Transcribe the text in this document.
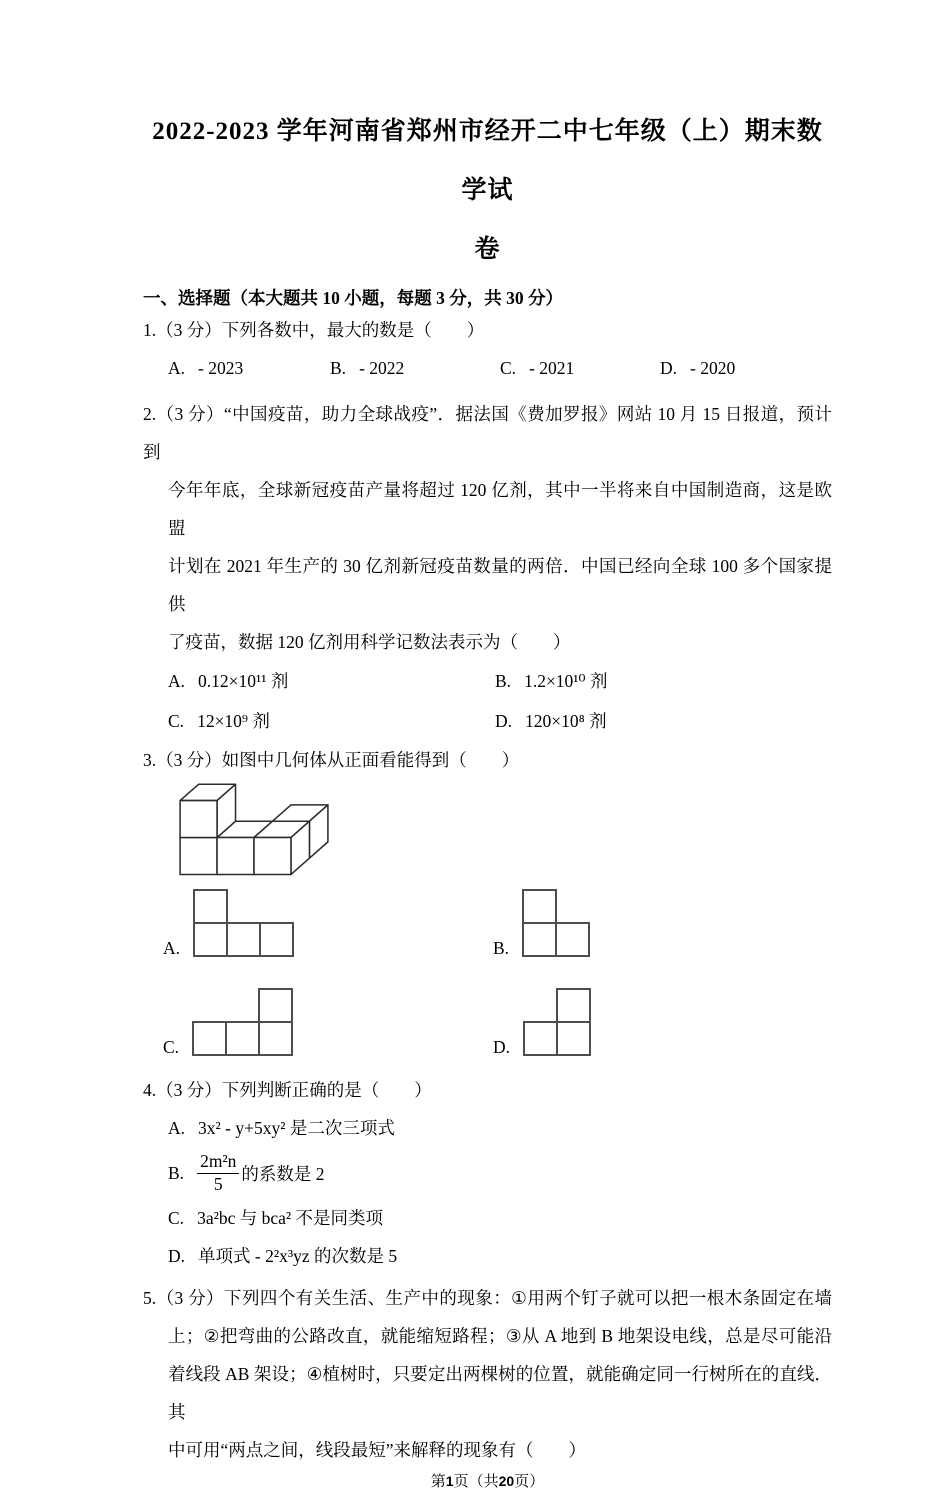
2022-2023 学年河南省郑州市经开二中七年级（上）期末数学试
卷
一、选择题（本大题共 10 小题，每题 3 分，共 30 分）

1.（3 分）下列各数中，最大的数是（　　）

A. - 2023	B. - 2022	C. - 2021	D. - 2020
2.（3 分）“中国疫苗，助力全球战疫”．据法国《费加罗报》网站 10 月 15 日报道，预计到
今年年底，全球新冠疫苗产量将超过 120 亿剂，其中一半将来自中国制造商，这是欧盟
计划在 2021 年生产的 30 亿剂新冠疫苗数量的两倍．中国已经向全球 100 多个国家提供
了疫苗，数据 120 亿剂用科学记数法表示为（　　）
A. 0.12×10¹¹ 剂	B. 1.2×10¹⁰ 剂
C. 12×10⁹ 剂	D. 120×10⁸ 剂

3.（3 分）如图中几何体从正面看能得到（　　）

A.	B.
C.	D.

4.（3 分）下列判断正确的是（　　）

A. 3x² - y+5xy² 是二次三项式
B. $\frac{\text{2m²n}}{5}$ 的系数是 2
C. 3a²bc 与 bca² 不是同类项
D. 单项式 - 2²x³yz 的次数是 5
5.（3 分）下列四个有关生活、生产中的现象：①用两个钉子就可以把一根木条固定在墙
上；②把弯曲的公路改直，就能缩短路程；③从 A 地到 B 地架设电线，总是尽可能沿
着线段 AB 架设；④植树时，只要定出两棵树的位置，就能确定同一行树所在的直线．其
中可用“两点之间，线段最短”来解释的现象有（　　）
第1页（共20页）
